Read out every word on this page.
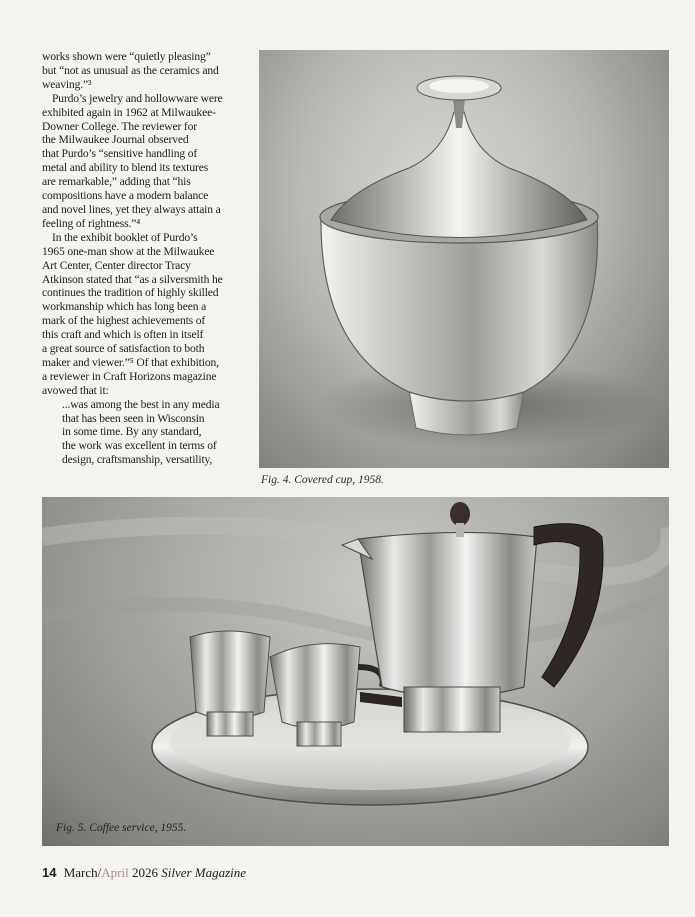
works shown were “quietly pleasing”
but “not as unusual as the ceramics and
weaving.”³

Purdo’s jewelry and hollowware were
exhibited again in 1962 at Milwaukee-
Downer College. The reviewer for
the Milwaukee Journal observed
that Purdo’s “sensitive handling of
metal and ability to blend its textures
are remarkable,” adding that “his
compositions have a modern balance
and novel lines, yet they always attain a
feeling of rightness.”⁴

In the exhibit booklet of Purdo’s
1965 one-man show at the Milwaukee
Art Center, Center director Tracy
Atkinson stated that “as a silversmith he
continues the tradition of highly skilled
workmanship which has long been a
mark of the highest achievements of
this craft and which is often in itself
a great source of satisfaction to both
maker and viewer.”⁵ Of that exhibition,
a reviewer in Craft Horizons magazine
avowed that it:

...was among the best in any media
that has been seen in Wisconsin
in some time. By any standard,
the work was excellent in terms of
design, craftsmanship, versatility,
Fig. 4. Covered cup, 1958.
Fig. 5. Coffee service, 1955.
14 March/April 2026 Silver Magazine
